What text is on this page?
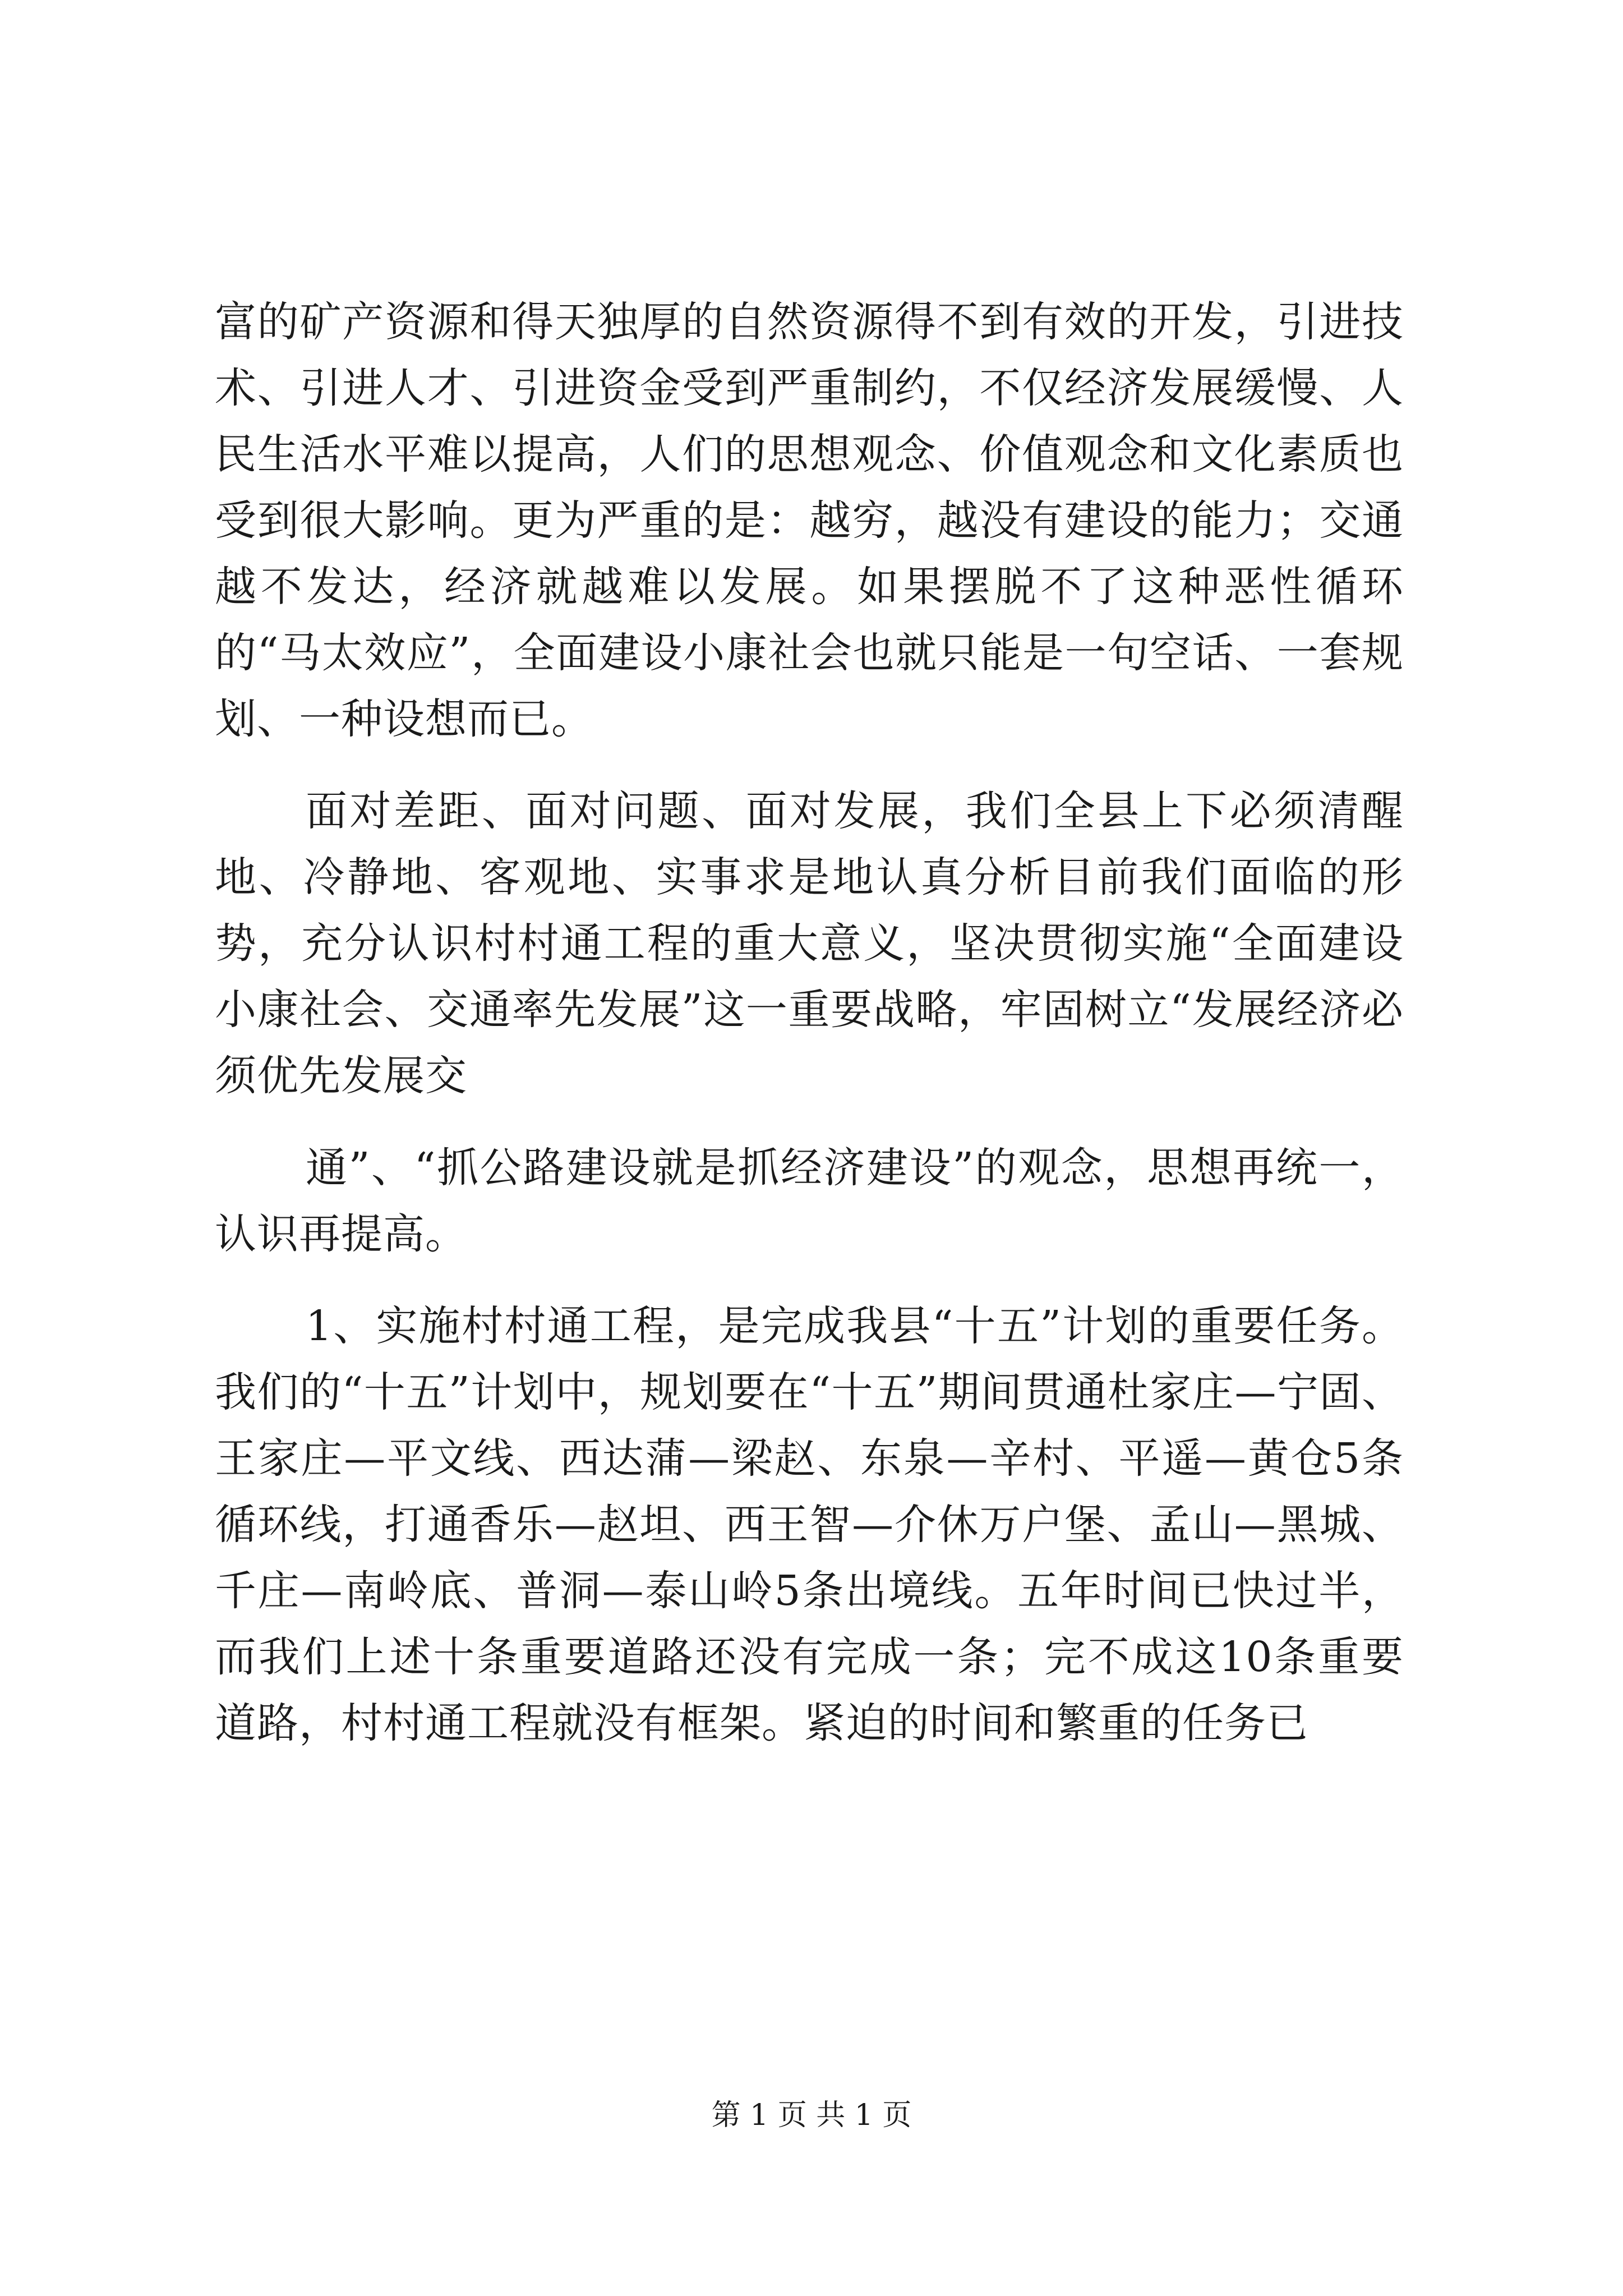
富的矿产资源和得天独厚的自然资源得不到有效的开发，引进技术、引进人才、引进资金受到严重制约，不仅经济发展缓慢、人民生活水平难以提高，人们的思想观念、价值观念和文化素质也受到很大影响。更为严重的是：越穷，越没有建设的能力；交通越不发达，经济就越难以发展。如果摆脱不了这种恶性循环的“马太效应”，全面建设小康社会也就只能是一句空话、一套规划、一种设想而已。

面对差距、面对问题、面对发展，我们全县上下必须清醒地、冷静地、客观地、实事求是地认真分析目前我们面临的形势，充分认识村村通工程的重大意义，坚决贯彻实施“全面建设小康社会、交通率先发展”这一重要战略，牢固树立“发展经济必须优先发展交

通”、“抓公路建设就是抓经济建设”的观念，思想再统一，认识再提高。

1、实施村村通工程，是完成我县“十五”计划的重要任务。我们的“十五”计划中，规划要在“十五”期间贯通杜家庄—宁固、王家庄—平文线、西达蒲—梁赵、东泉—辛村、平遥—黄仓5条循环线，打通香乐—赵坦、西王智—介休万户堡、孟山—黑城、千庄—南岭底、普洞—泰山岭5条出境线。五年时间已快过半，而我们上述十条重要道路还没有完成一条；完不成这10条重要道路，村村通工程就没有框架。紧迫的时间和繁重的任务已

第 1 页 共 1 页
